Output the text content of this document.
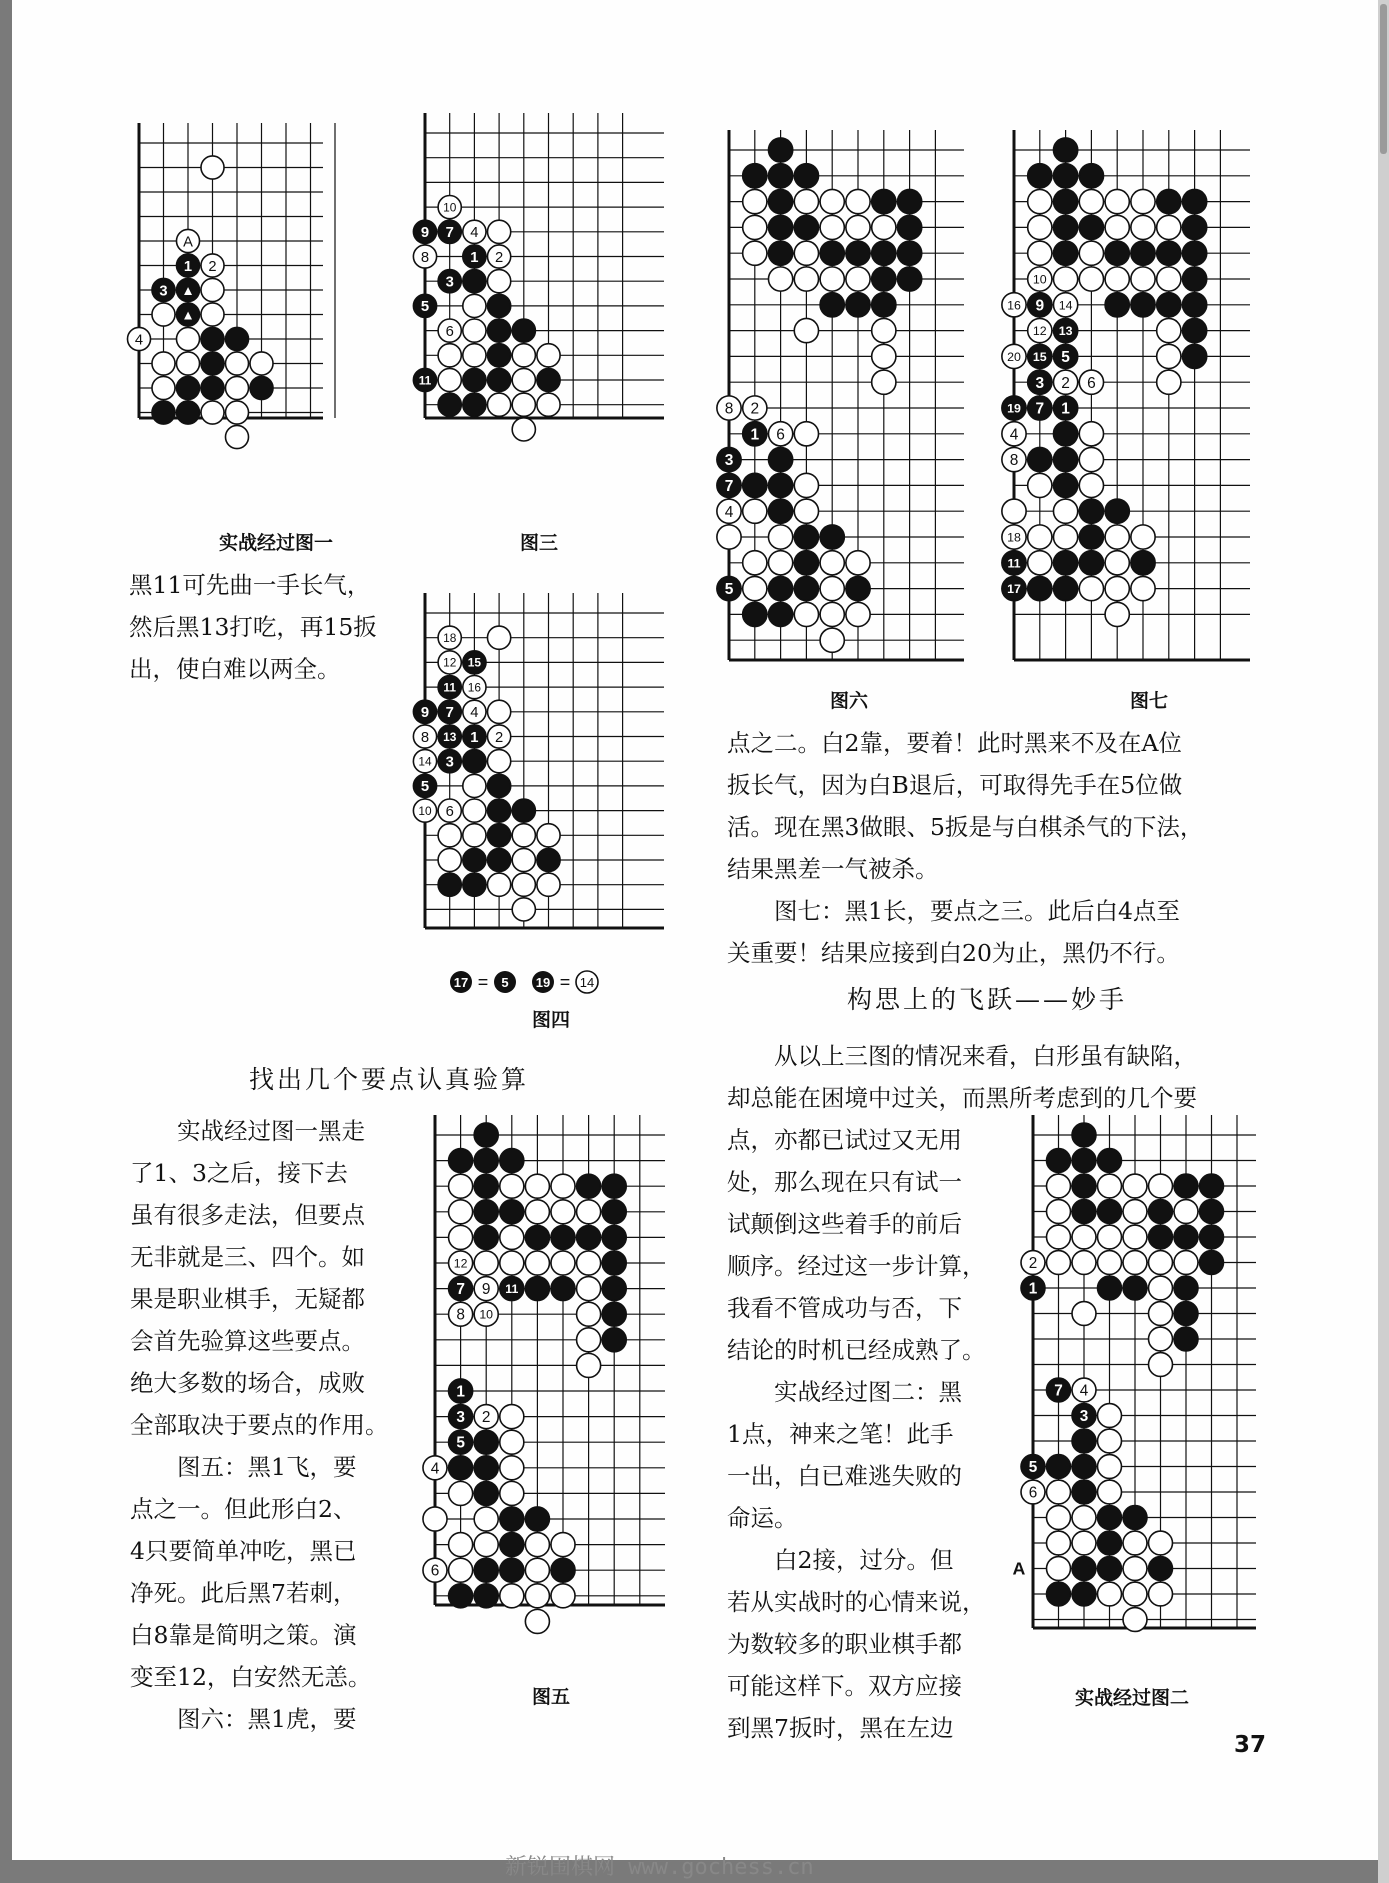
A
1 2
3 ▲
▲
4
10
9 7 4
8	1 2
3
5
6
11
18
12 15
11 16
9 7 4
8 13 1 2
14 3
5
10 6
12
7 9 11
8 10
1
3 2
5
4
6
8 2
1 6
3
7
4
5
10
16 9 14
12 13
20 15 5
3 2 6
19 7 1
4
8
18
11
17
2
1
7 4
3
5
6
A
实战经过图一	图三
图四
图五
图六	图七
实战经过图二
17 = 5 19 = 14

黑11可先曲一手长气，

然后黑13打吃，再15扳

出，使白难以两全。

找出几个要点认真验算

实战经过图一黑走

了1、3之后，接下去

虽有很多走法，但要点

无非就是三、四个。如

果是职业棋手，无疑都

会首先验算这些要点。

绝大多数的场合，成败

全部取决于要点的作用。

图五：黑1飞，要

点之一。但此形白2、

4只要简单冲吃，黑已

净死。此后黑7若刺，

白8靠是简明之策。演

变至12，白安然无恙。

图六：黑1虎，要

点之二。白2靠，要着！此时黑来不及在A位

扳长气，因为白B退后，可取得先手在5位做

活。现在黑3做眼、5扳是与白棋杀气的下法，

结果黑差一气被杀。

图七：黑1长，要点之三。此后白4点至

关重要！结果应接到白20为止，黑仍不行。

构思上的飞跃——妙手

从以上三图的情况来看，白形虽有缺陷，

却总能在困境中过关，而黑所考虑到的几个要

点，亦都已试过又无用

处，那么现在只有试一

试颠倒这些着手的前后

顺序。经过这一步计算，

我看不管成功与否，下

结论的时机已经成熟了。

实战经过图二：黑

1点，神来之笔！此手

一出，白已难逃失败的

命运。

白2接，过分。但

若从实战时的心情来说，

为数较多的职业棋手都

可能这样下。双方应接

到黑7扳时，黑在左边

37
新锐围棋网 www.gochess.cn
